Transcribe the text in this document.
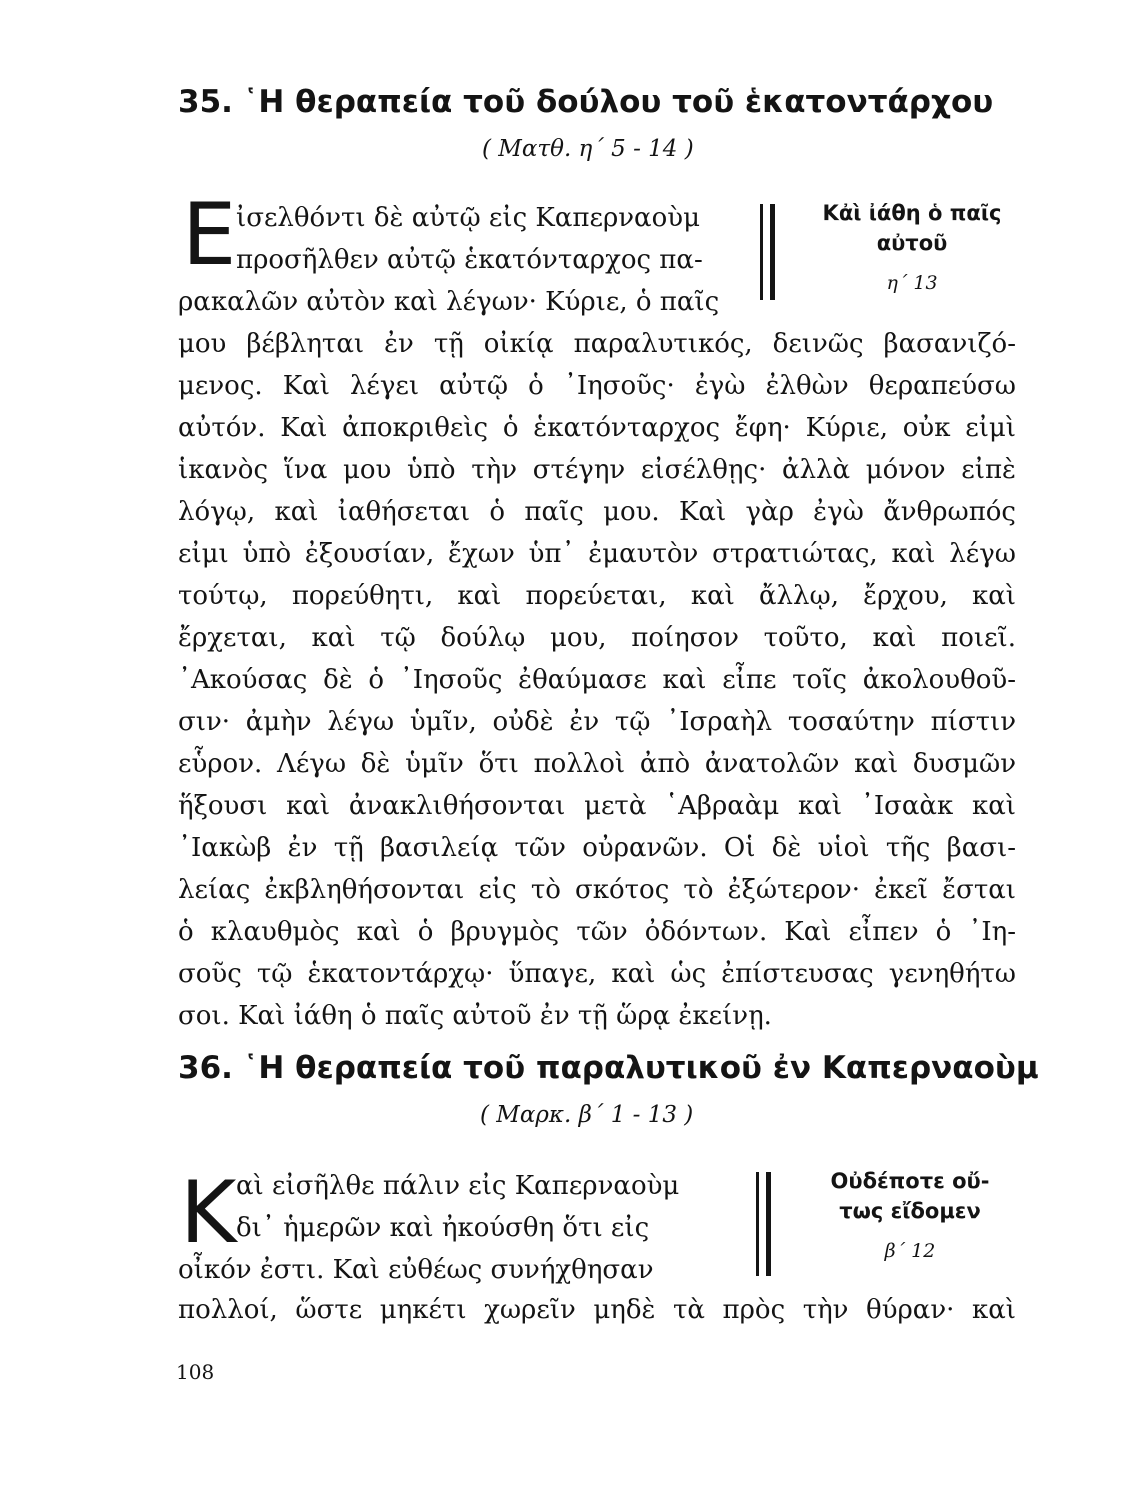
35. ῾Η θεραπεία τοῦ δούλου τοῦ ἑκατοντάρχου
( Ματθ. η΄ 5 - 14 )
Ε ἰσελθόντι δὲ αὐτῷ εἰς Καπερναοὺμ
προσῆλθεν αὐτῷ ἑκατόνταρχος πα-
ρακαλῶν αὐτὸν καὶ λέγων· Κύριε, ὁ παῖς
Κἀὶ ἰάθη ὁ παῖς
αὐτοῦ
η΄ 13
μου βέβληται ἐν τῇ οἰκίᾳ παραλυτικός, δεινῶς βασανιζό-
μενος. Καὶ λέγει αὐτῷ ὁ ᾿Ιησοῦς· ἐγὼ ἐλθὼν θεραπεύσω
αὐτόν. Καὶ ἀποκριθεὶς ὁ ἑκατόνταρχος ἔφη· Κύριε, οὐκ εἰμὶ
ἱκανὸς ἵνα μου ὑπὸ τὴν στέγην εἰσέλθῃς· ἀλλὰ μόνον εἰπὲ
λόγῳ, καὶ ἰαθήσεται ὁ παῖς μου. Καὶ γὰρ ἐγὼ ἄνθρωπός
εἰμι ὑπὸ ἐξουσίαν, ἔχων ὑπ᾿ ἐμαυτὸν στρατιώτας, καὶ λέγω
τούτῳ, πορεύθητι, καὶ πορεύεται, καὶ ἄλλῳ, ἔρχου, καὶ
ἔρχεται, καὶ τῷ δούλῳ μου, ποίησον τοῦτο, καὶ ποιεῖ.
᾿Ακούσας δὲ ὁ ᾿Ιησοῦς ἐθαύμασε καὶ εἶπε τοῖς ἀκολουθοῦ-
σιν· ἀμὴν λέγω ὑμῖν, οὐδὲ ἐν τῷ ᾿Ισραὴλ τοσαύτην πίστιν
εὗρον. Λέγω δὲ ὑμῖν ὅτι πολλοὶ ἀπὸ ἀνατολῶν καὶ δυσμῶν
ἥξουσι καὶ ἀνακλιθήσονται μετὰ ῾Αβραὰμ καὶ ᾿Ισαὰκ καὶ
᾿Ιακὼβ ἐν τῇ βασιλείᾳ τῶν οὐρανῶν. Οἱ δὲ υἱοὶ τῆς βασι-
λείας ἐκβληθήσονται εἰς τὸ σκότος τὸ ἐξώτερον· ἐκεῖ ἔσται
ὁ κλαυθμὸς καὶ ὁ βρυγμὸς τῶν ὀδόντων. Καὶ εἶπεν ὁ ᾿Ιη-
σοῦς τῷ ἑκατοντάρχῳ· ὕπαγε, καὶ ὡς ἐπίστευσας γενηθήτω
σοι. Καὶ ἰάθη ὁ παῖς αὐτοῦ ἐν τῇ ὥρᾳ ἐκείνῃ.
36. ῾Η θεραπεία τοῦ παραλυτικοῦ ἐν Καπερναοὺμ
( Μαρκ. β΄ 1 - 13 )
Κ αὶ εἰσῆλθε πάλιν εἰς Καπερναοὺμ
δι᾿ ἡμερῶν καὶ ἠκούσθη ὅτι εἰς
οἶκόν ἐστι. Καὶ εὐθέως συνήχθησαν
Οὐδέποτε οὔ-
τως εἴδομεν
β΄ 12
πολλοί, ὥστε μηκέτι χωρεῖν μηδὲ τὰ πρὸς τὴν θύραν· καὶ
108
